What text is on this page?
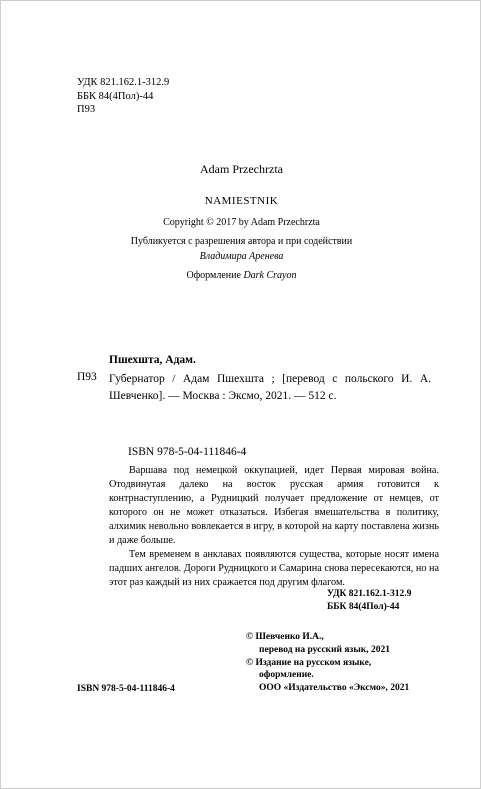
УДК 821.162.1-312.9
ББК 84(4Пол)-44
П93
Adam Przechrzta
NAMIESTNIK
Copyright © 2017 by Adam Przechrzta
Публикуется с разрешения автора и при содействии
Владимира Аренева
Оформление Dark Crayon
Пшехшта, Адам.
П93 Губернатор / Адам Пшехшта ; [перевод с польского И. А. Шевченко]. — Москва : Эксмо, 2021. — 512 с.
ISBN 978-5-04-111846-4

Варшава под немецкой оккупацией, идет Первая мировая война. Отодвинутая далеко на восток русская армия готовится к контрнаступлению, а Рудницкий получает предложение от немцев, от которого он не может отказаться. Избегая вмешательства в политику, алхимик невольно вовлекается в игру, в которой на карту поставлена жизнь и даже больше.

Тем временем в анклавах появляются существа, которые носят имена падших ангелов. Дороги Рудницкого и Самарина снова пересекаются, но на этот раз каждый из них сражается под другим флагом.

УДК 821.162.1-312.9
ББК 84(4Пол)-44
© Шевченко И.А.,
перевод на русский язык, 2021
© Издание на русском языке,
оформление.
ООО «Издательство «Эксмо», 2021
ISBN 978-5-04-111846-4
